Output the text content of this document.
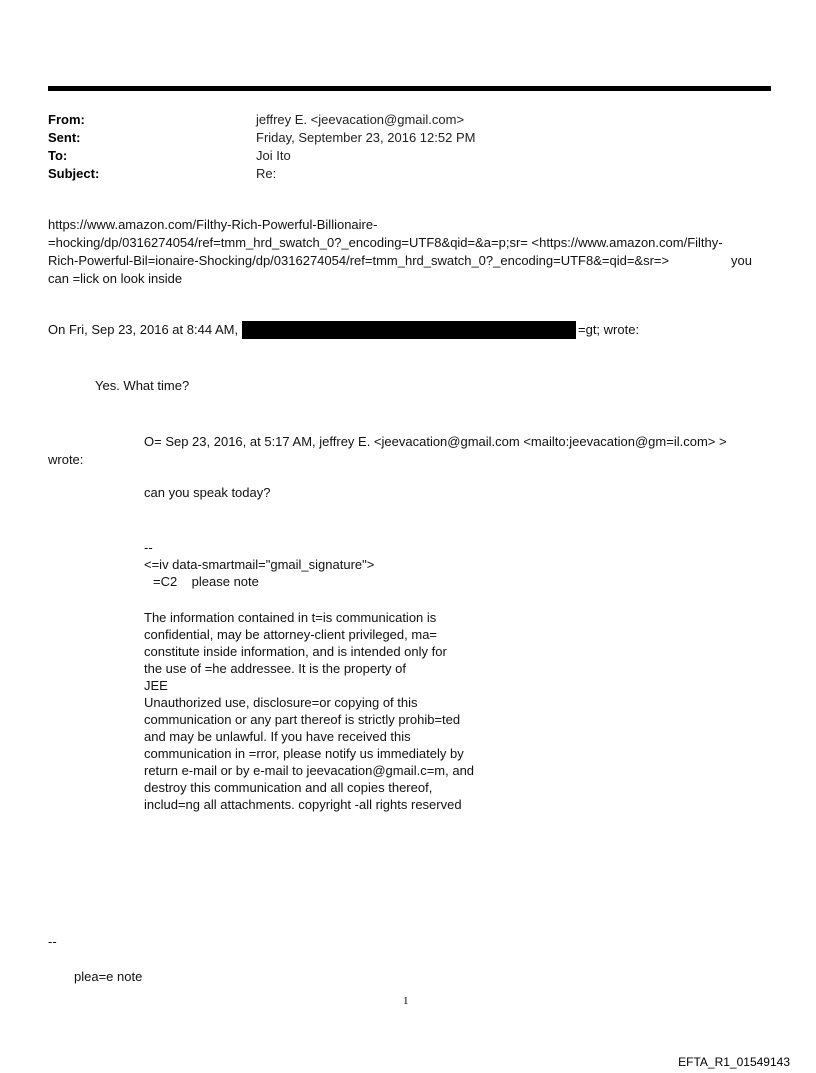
From:	jeffrey E. <jeevacation@gmail.com>
Sent:	Friday, September 23, 2016 12:52 PM
To:	Joi Ito
Subject:	Re:
https://www.amazon.com/Filthy-Rich-Powerful-Billionaire-
=hocking/dp/0316274054/ref=tmm_hrd_swatch_0?_encoding=UTF8&qid=&a=p;sr= <https://www.amazon.com/Filthy-
Rich-Powerful-Bil=ionaire-Shocking/dp/0316274054/ref=tmm_hrd_swatch_0?_encoding=UTF8&=qid=&sr=>	you
can =lick on look inside
On Fri, Sep 23, 2016 at 8:44 AM,	=gt; wrote:
Yes. What time?
O= Sep 23, 2016, at 5:17 AM, jeffrey E. <jeevacation@gmail.com <mailto:jeevacation@gm=il.com> >
wrote:
can you speak today?
--
<=iv data-smartmail="gmail_signature">
=C2    please note
The information contained in t=is communication is
confidential, may be attorney-client privileged, ma=
constitute inside information, and is intended only for
the use of =he addressee. It is the property of
JEE
Unauthorized use, disclosure=or copying of this
communication or any part thereof is strictly prohib=ted
and may be unlawful. If you have received this
communication in =rror, please notify us immediately by
return e-mail or by e-mail to jeevacation@gmail.c=m, and
destroy this communication and all copies thereof,
includ=ng all attachments. copyright -all rights reserved
--
plea=e note
1
EFTA_R1_01549143
